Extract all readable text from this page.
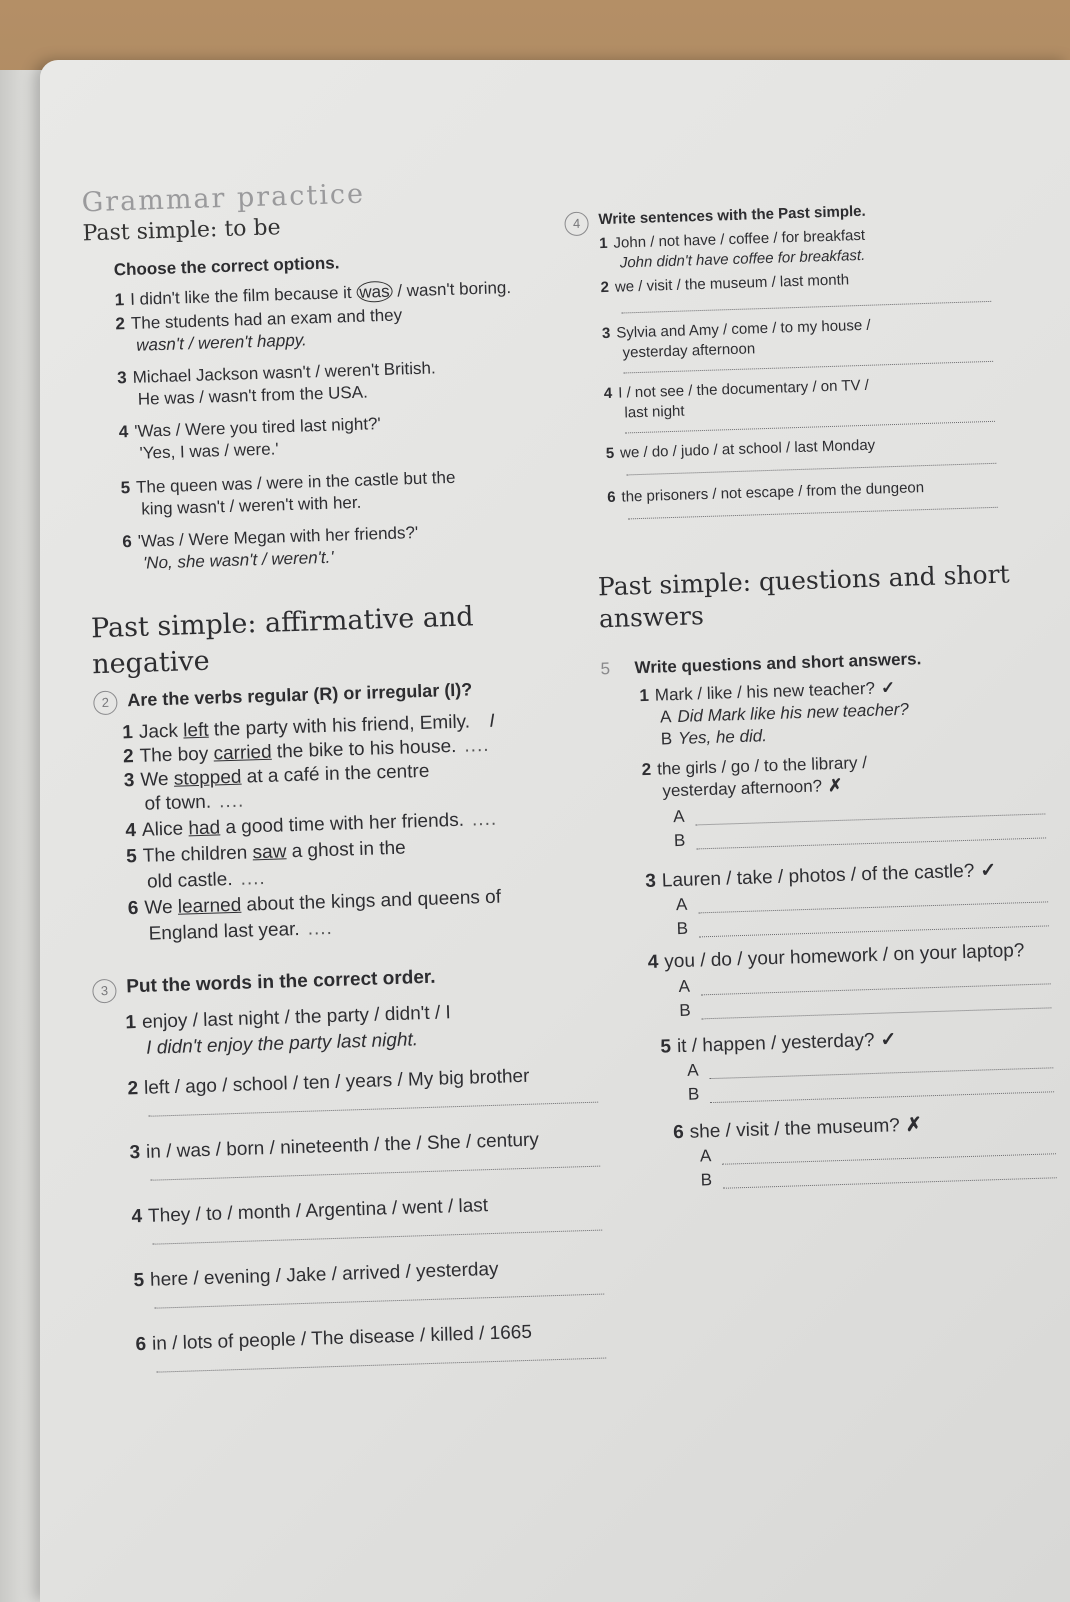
Grammar practice
Past simple: to be
Choose the correct options.
1 I didn't like the film because it was / wasn't boring.
2 The students had an exam and they
wasn't / weren't happy.
3 Michael Jackson wasn't / weren't British.
He was / wasn't from the USA.
4 'Was / Were you tired last night?'
'Yes, I was / were.'
5 The queen was / were in the castle but the
king wasn't / weren't with her.
6 'Was / Were Megan with her friends?'
'No, she wasn't / weren't.'
Past simple: affirmative and negative
2 Are the verbs regular (R) or irregular (I)?
1 Jack left the party with his friend, Emily. I
2 The boy carried the bike to his house. ....
3 We stopped at a café in the centre
of town. ....
4 Alice had a good time with her friends. ....
5 The children saw a ghost in the
old castle. ....
6 We learned about the kings and queens of
England last year. ....
3 Put the words in the correct order.
1 enjoy / last night / the party / didn't / I
I didn't enjoy the party last night.
2 left / ago / school / ten / years / My big brother
3 in / was / born / nineteenth / the / She / century
4 They / to / month / Argentina / went / last
5 here / evening / Jake / arrived / yesterday
6 in / lots of people / The disease / killed / 1665
4	Write sentences with the Past simple.
1 John / not have / coffee / for breakfast
John didn't have coffee for breakfast.
2 we / visit / the museum / last month
3 Sylvia and Amy / come / to my house /
yesterday afternoon
4 I / not see / the documentary / on TV /
last night
5 we / do / judo / at school / last Monday
6 the prisoners / not escape / from the dungeon
Past simple: questions and short answers
5 Write questions and short answers.
1 Mark / like / his new teacher? ✓
A Did Mark like his new teacher?
B Yes, he did.
2 the girls / go / to the library /
yesterday afternoon? ✗
A
B
3 Lauren / take / photos / of the castle? ✓
A
B
4 you / do / your homework / on your laptop?
A
B
5 it / happen / yesterday? ✓
A
B
6 she / visit / the museum? ✗
A
B
